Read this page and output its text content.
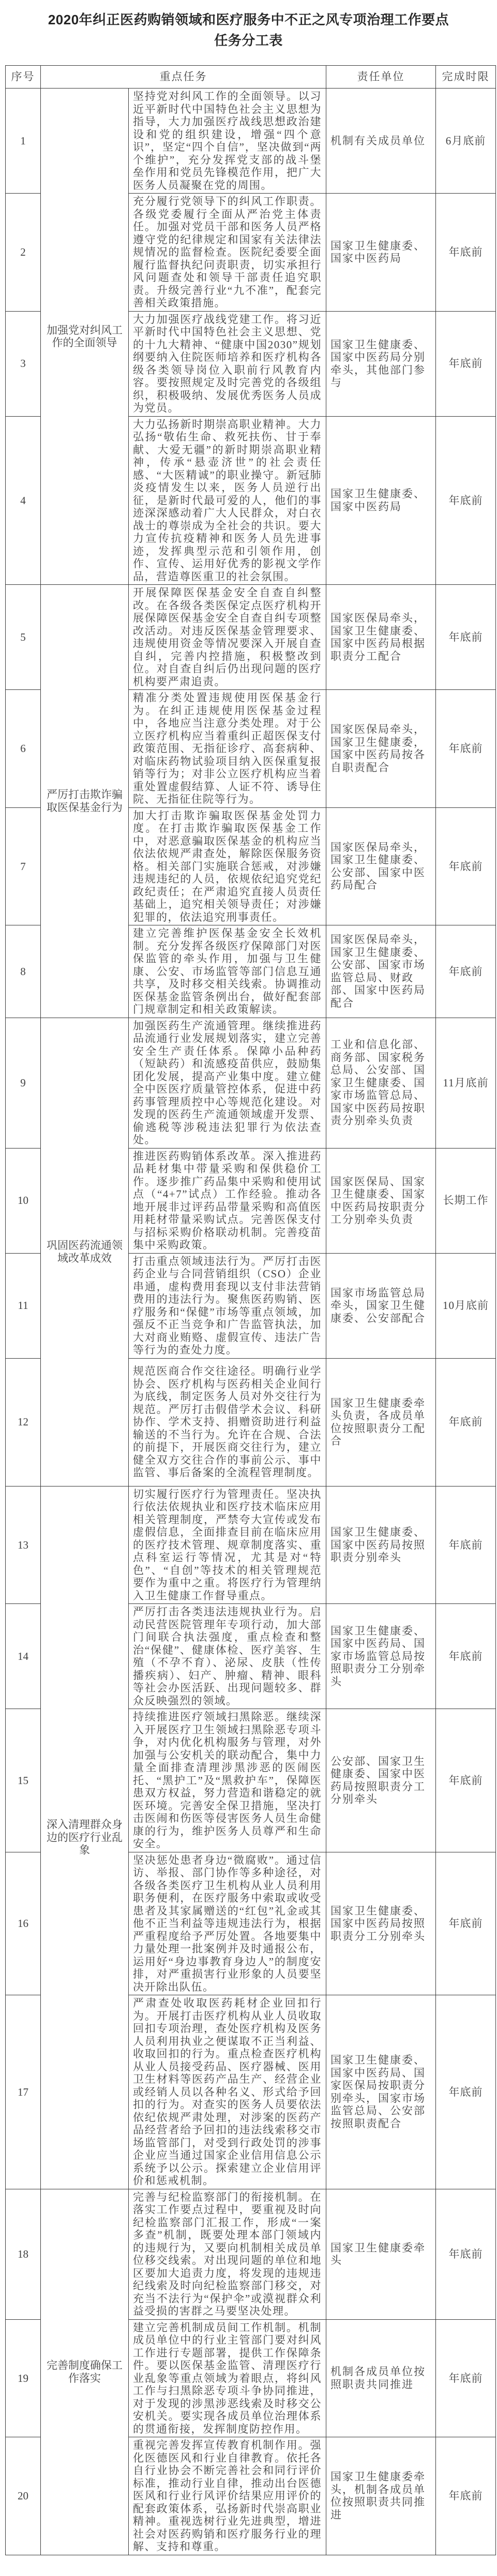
2020年纠正医药购销领域和医疗服务中不正之风专项治理工作要点
任务分工表
序号	重点任务		责任单位	完成时限
1	加强党对纠风工作的全面领导	坚持党对纠风工作的全面领导。以习近平新时代中国特色社会主义思想为指导，大力加强医疗战线思想政治建设和党的组织建设，增强“四个意识”，坚定“四个自信”，坚决做到“两个维护”，充分发挥党支部的战斗堡垒作用和党员先锋模范作用，把广大医务人员凝聚在党的周围。	机制有关成员单位	6月底前
2		充分履行党领导下的纠风工作职责。各级党委履行全面从严治党主体责任。加强对党员干部和医务人员严格遵守党的纪律规定和国家有关法律法规情况的监督检查。医院纪委要全面履行监督执纪问责职责，切实承担行风问题查处和领导干部责任追究职责。升级完善行业“九不准”，配套完善相关政策措施。	国家卫生健康委、国家中医药局	年底前
3		大力加强医疗战线党建工作。将习近平新时代中国特色社会主义思想、党的十九大精神、“健康中国2030”规划纲要纳入住院医师培养和医疗机构各级各类领导岗位入职前行风教育内容。要按照规定及时完善党的各级组织，积极吸纳、发展优秀医务人员成为党员。	国家卫生健康委、国家中医药局分别牵头，其他部门参与	年底前
4		大力弘扬新时期崇高职业精神。大力弘扬“敬佑生命、救死扶伤、甘于奉献、大爱无疆”的新时期崇高职业精神，传承“悬壶济世”的社会责任感、“大医精诚”的职业操守。新冠肺炎疫情发生以来，医务人员逆行出征，是新时代最可爱的人，他们的事迹深深感动着广大人民群众，对白衣战士的尊崇成为全社会的共识。要大力宣传抗疫精神和医务人员先进事迹，发挥典型示范和引领作用，创作、宣传、运用好优秀的影视文学作品，营造尊医重卫的社会氛围。	国家卫生健康委、国家中医药局	年底前
5	严厉打击欺诈骗取医保基金行为	开展保障医保基金安全自查自纠整改。在各级各类医保定点医疗机构开展保障医保基金安全自查自纠专项整改活动。对违反医保基金管理要求、违规使用资金等情况要深入开展自查自纠，完善内控措施，积极整改到位。对自查自纠后仍出现问题的医疗机构要严肃追责。	国家医保局牵头，国家卫生健康委、国家中医药局根据职责分工配合	年底前
6		精准分类处置违规使用医保基金行为。在纠正违规使用医保基金过程中，各地应当注意分类处理。对于公立医疗机构应当着重纠正超医保支付政策范围、无指征诊疗、高套病种、对临床药物试验项目纳入医保重复报销等行为；对非公立医疗机构应当着重处置虚假结算、人证不符、诱导住院、无指征住院等行为。	国家医保局牵头，国家卫生健康委，国家中医药局按各自职责配合	年底前
7		加大打击欺诈骗取医保基金处罚力度。在打击欺诈骗取医保基金工作中，对恶意骗取医保基金的机构应当依法依规严肃查处，解除医保服务资格。相关部门实施联合惩戒，对涉嫌违规违纪的人员，依规依纪追究党纪政纪责任；在严肃追究直接人员责任基础上，追究相关领导责任；对涉嫌犯罪的，依法追究刑事责任。	国家医保局牵头，国家卫生健康委、公安部、国家中医药局配合	年底前
8		建立完善维护医保基金安全长效机制。充分发挥各级医疗保障部门对医保监管的牵头作用，加强与卫生健康、公安、市场监管等部门信息互通共享，及时移交相关线索。协调推动医保基金监管条例出台，做好配套部门规章制定和相关政策解读。	国家医保局牵头，国家卫生健康委、公安部、国家市场监管总局、财政部、国家中医药局配合	年底前
9	巩固医药流通领域改革成效	加强医药生产流通管理。继续推进药品流通行业发展规划落实，建立完善安全生产责任体系。保障小品种药（短缺药）和流感疫苗供应，鼓励集团化发展，提高产业集中度。建立健全中医医疗质量管控体系，促进中药药事管理质控中心等规范化建设。对发现的医药生产流通领域虚开发票、偷逃税等涉税违法犯罪行为依法查处。	工业和信息化部、商务部、国家税务总局、公安部、国家卫生健康委、国家市场监管总局、国家中医药局按职责分别牵头负责	11月底前
10		推进医药购销体系改革。深入推进药品耗材集中带量采购和保供稳价工作。逐步推广药品集中采购和使用试点（“4+7”试点）工作经验。推动各地开展非过评药品带量采购和高值医用耗材带量采购试点。完善医保支付与招标采购价格联动机制。完善疫苗集中采购政策。	国家医保局、国家卫生健康委、国家中医药局按职责分工分别牵头负责	长期工作
11		打击重点领域违法行为。严厉打击医药企业与合同营销组织（CSO）企业串通，虚构费用套现以支付非法营销费用的违法行为。聚焦医药购销、医疗服务和“保健”市场等重点领域，加强反不正当竞争和广告监管执法，加大对商业贿赂、虚假宣传、违法广告等行为的查处力度。	国家市场监管总局牵头，国家卫生健康委、公安部配合	10月底前
12		规范医商合作交往途径。明确行业学协会、医疗机构与医药相关企业间行为底线，制定医务人员对外交往行为规范。严厉打击假借学术会议、科研协作、学术支持、捐赠资助进行利益输送的不当行为。允许在合规、合法的前提下，开展医商交往行为，建立健全双方交往合作的事前公示、事中监管、事后备案的全流程管理制度。	国家卫生健康委牵头负责，各成员单位按照职责分工配合	年底前
13	深入清理群众身边的医疗行业乱象	切实履行医疗行为管理责任。坚决执行依法依规执业和医疗技术临床应用相关管理制度，严禁夸大宣传或发布虚假信息，全面排查目前在临床应用的医疗技术管理、规章制度落实、重点科室运行等情况，尤其是对“特色”、“自创”等技术的相关管理规范要作为重中之重。将医疗行为管理纳入卫生健康工作督导重点。	国家卫生健康委、国家中医药局按照职责分别牵头	年底前
14		严厉打击各类违法违规执业行为。启动民营医院管理年专项行动，加大部门间联合执法强度，重点检查和整治“保健”、健康体检、医疗美容、生殖（不孕不育）、泌尿、皮肤（性传播疾病）、妇产、肿瘤、精神、眼科等社会办医活跃、出现问题较多、群众反映强烈的领域。	国家卫生健康委、国家中医药局、国家市场监管总局按照职责分工分别牵头	年底前
15		持续推进医疗领域扫黑除恶。继续深入开展医疗卫生领域扫黑除恶专项斗争，对内优化机构服务与管理，对外加强与公安机关的联动配合，集中力量全面排查清理涉黑涉恶的医闹医托、“黑护工”及“黑救护车”，保障医患双方权益，努力营造和谐稳定的就医环境。完善安全保卫措施，坚决打击医闹和伤医等侵害医务人员生命健康的行为，维护医务人员尊严和生命安全。	公安部、国家卫生健康委、国家中医药局按照职责分工分别牵头	年底前
16		坚决惩处患者身边“微腐败”。通过信访、举报、部门协作等多种途径，对各级各类医疗卫生机构从业人员利用职务便利，在医疗服务中索取或收受患者及其家属赠送的“红包”礼金或其他不正当利益等违规违法行为，根据严重程度给予严厉处置。各地要集中力量处理一批案例并及时通报公布，运用好“身边事教育身边人”的制度安排，对严重损害行业形象的人员要坚决开除出队伍。	国家卫生健康委、国家中医药局按照职责分工分别牵头	年底前
17		严肃查处收取医药耗材企业回扣行为。开展打击医疗机构从业人员收取回扣专项治理，查处医疗机构及医务人员利用执业之便谋取不正当利益、收取回扣的行为。重点检查医疗机构从业人员接受药品、医疗器械、医用卫生材料等医药产品生产、经营企业或经销人员以各种名义、形式给予回扣的行为。对查实的医务人员要依法依纪依规严肃处理，对涉案的医药产品经营者给予回扣的违法线索移交市场监管部门，对受到行政处罚的涉事企业应当通过国家企业信用信息公示系统予以公示。探索建立企业信用评价和惩戒机制。	国家卫生健康委、国家中医药局、国家医保局按职责分别牵头，国家市场监管总局、公安部按照职责配合	年底前
18	完善制度确保工作落实	完善与纪检监察部门的衔接机制。在落实工作要点过程中，要重视及时向纪检监察部门汇报工作，形成“一案多查”机制，既要处理本部门领域内的违规行为，又要向机制相关成员单位移交线索。对出现问题的单位和地区要加大追责力度，将发现的违规违纪线索及时向纪检监察部门移交，对充当不法行为“保护伞”或漠视群众利益受损的害群之马要坚决处理。	国家卫生健康委牵头	年底前
19		建立完善机制成员间工作机制。机制成员单位中的行业主管部门要对纠风工作进行专题部署，提供工作保障条件。要以医保基金监管、清理医疗行业乱象等重点领域为着眼点，将纠风工作与扫黑除恶专项斗争协同推进，对于发现的涉黑涉恶线索及时移交公安机关。要实现各成员单位治理体系的贯通衔接，发挥制度防控作用。	机制各成员单位按照职责共同推进	年底前
20		重视完善发挥宣传教育机制作用。强化医德医风和行业自律教育。依托各自行业协会不断完善社会和同行评价标准，推动行业自律，推动出台医德医风和行业行风评价结果应用评价的配套政策体系，弘扬新时代崇高职业精神。重视选树行业先进典型，增进社会对医药购销和医疗服务行业的理解、支持和尊重。	国家卫生健康委牵头，机制各成员单位按照职责共同推进	年底前
